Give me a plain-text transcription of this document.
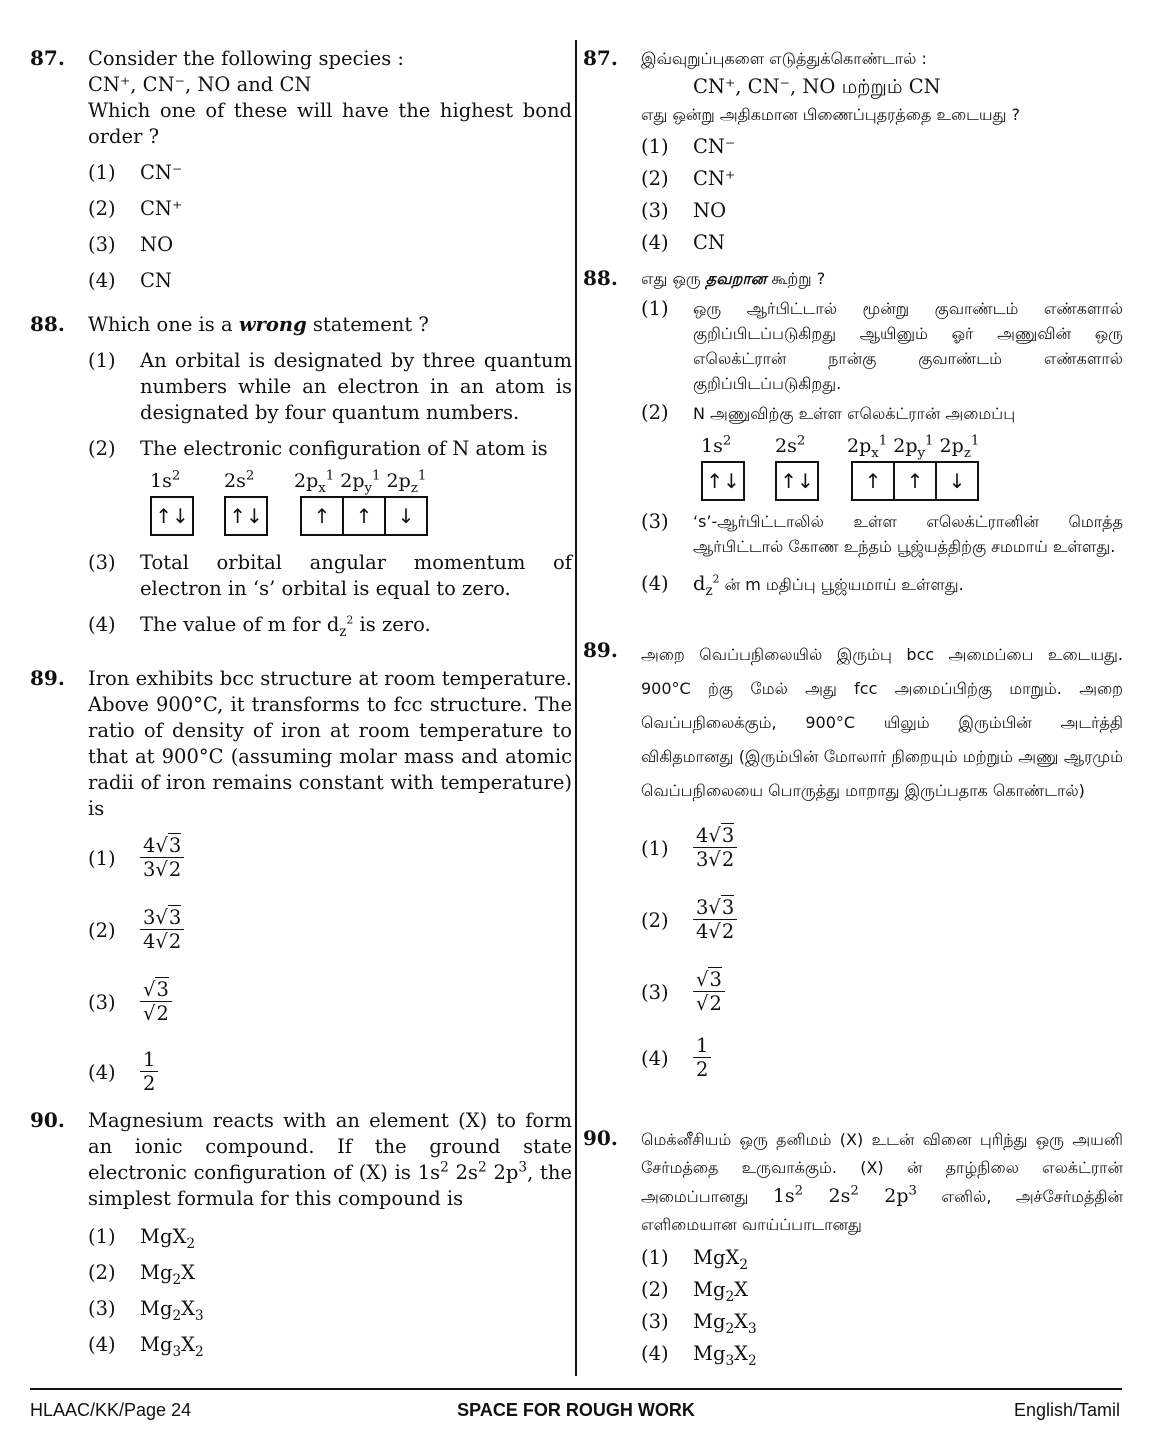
87. Consider the following species :

CN⁺, CN⁻, NO and CN

Which one of these will have the highest bond order ?

(1) CN⁻
(2) CN⁺
(3) NO
(4) CN
88. Which one is a wrong statement ?

(1) An orbital is designated by three quantum numbers while an electron in an atom is designated by four quantum numbers.
(2) The electronic configuration of N atom is
$1s^2$ $2s^2$ $2p_x^1$ $2p_y^1$ $2p_z^1$
↑↓ ↑↓	↑	↑	↓
(3) Total orbital angular momentum of electron in ‘s’ orbital is equal to zero.
(4) The value of m for $d_z^2$ is zero.
89. Iron exhibits bcc structure at room temperature. Above 900°C, it transforms to fcc structure. The ratio of density of iron at room temperature to that at 900°C (assuming molar mass and atomic radii of iron remains constant with temperature) is

$(1) \frac{4√3}{3√2}$
$(2) \frac{3√3}{4√2}$
$(3) \frac{√3}{√2}$
$(4) \frac{1}{2}$
90. Magnesium reacts with an element (X) to form an ionic compound. If the ground state electronic configuration of (X) is $1s^2$ $2s^2$ $2p^3$, the simplest formula for this compound is

(1) MgX$_2$
(2) $Mg_2X$
(3) $Mg_2X_3$
(4) $Mg_3X_2$
87. இவ்வுறுப்புகளை எடுத்துக்கொண்டால் :

CN⁺, CN⁻, NO மற்றும் CN

எது ஒன்று அதிகமான பிணைப்புதரத்தை உடையது ?

(1) CN⁻
(2) CN⁺
(3) NO
(4) CN
88. எது ஒரு தவறான கூற்று ?

(1) ஒரு ஆர்பிட்டால் மூன்று குவாண்டம் எண்களால் குறிப்பிடப்படுகிறது ஆயினும் ஓர் அணுவின் ஒரு எலெக்ட்ரான் நான்கு குவாண்டம் எண்களால் குறிப்பிடப்படுகிறது.
(2) N அணுவிற்கு உள்ள எலெக்ட்ரான் அமைப்பு
$1s^2$ $2s^2$ $2p_x^1$ $2p_y^1$ $2p_z^1$
↑↓ ↑↓	↑	↑	↓
(3) ‘s’-ஆர்பிட்டாலில் உள்ள எலெக்ட்ரானின் மொத்த ஆர்பிட்டால் கோண உந்தம் பூஜ்யத்திற்கு சமமாய் உள்ளது.
(4) $d_z^2$ ன் m மதிப்பு பூஜ்யமாய் உள்ளது.
89. அறை வெப்பநிலையில் இரும்பு bcc அமைப்பை உடையது. 900°C ற்கு மேல் அது fcc அமைப்பிற்கு மாறும். அறை வெப்பநிலைக்கும், 900°C யிலும் இரும்பின் அடர்த்தி விகிதமானது (இரும்பின் மோலார் நிறையும் மற்றும் அணு ஆரமும் வெப்பநிலையை பொருத்து மாறாது இருப்பதாக கொண்டால்)

$(1) \frac{4√3}{3√2}$
$(2) \frac{3√3}{4√2}$
$(3) \frac{√3}{√2}$
$(4) \frac{1}{2}$
90. மெக்னீசியம் ஒரு தனிமம் (X) உடன் வினை புரிந்து ஒரு அயனி சேர்மத்தை உருவாக்கும். (X) ன் தாழ்நிலை எலக்ட்ரான் அமைப்பானது $1s^2$ $2s^2$ $2p^3$ எனில், அச்சேர்மத்தின் எளிமையான வாய்ப்பாடானது

(1) MgX$_2$
(2) $Mg_2X$
(3) $Mg_2X_3$
(4) $Mg_3X_2$
HLAAC/KK/Page 24	SPACE FOR ROUGH WORK	English/Tamil
